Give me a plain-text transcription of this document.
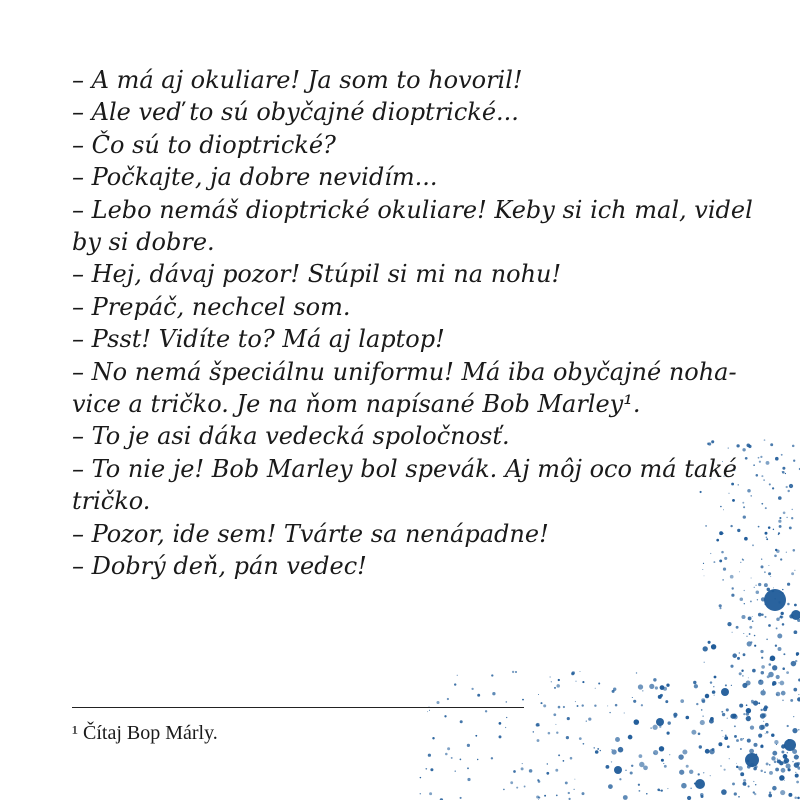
– A má aj okuliare! Ja som to hovoril!
– Ale veď to sú obyčajné dioptrické...
– Čo sú to dioptrické?
– Počkajte, ja dobre nevidím...
– Lebo nemáš dioptrické okuliare! Keby si ich mal, videl
by si dobre.
– Hej, dávaj pozor! Stúpil si mi na nohu!
– Prepáč, nechcel som.
– Psst! Vidíte to? Má aj laptop!
– No nemá špeciálnu uniformu! Má iba obyčajné noha-
vice a tričko. Je na ňom napísané Bob Marley¹.
– To je asi dáka vedecká spoločnosť.
– To nie je! Bob Marley bol spevák. Aj môj oco má také
tričko.
– Pozor, ide sem! Tvárte sa nenápadne!
– Dobrý deň, pán vedec!
¹ Čítaj Bop Márly.
